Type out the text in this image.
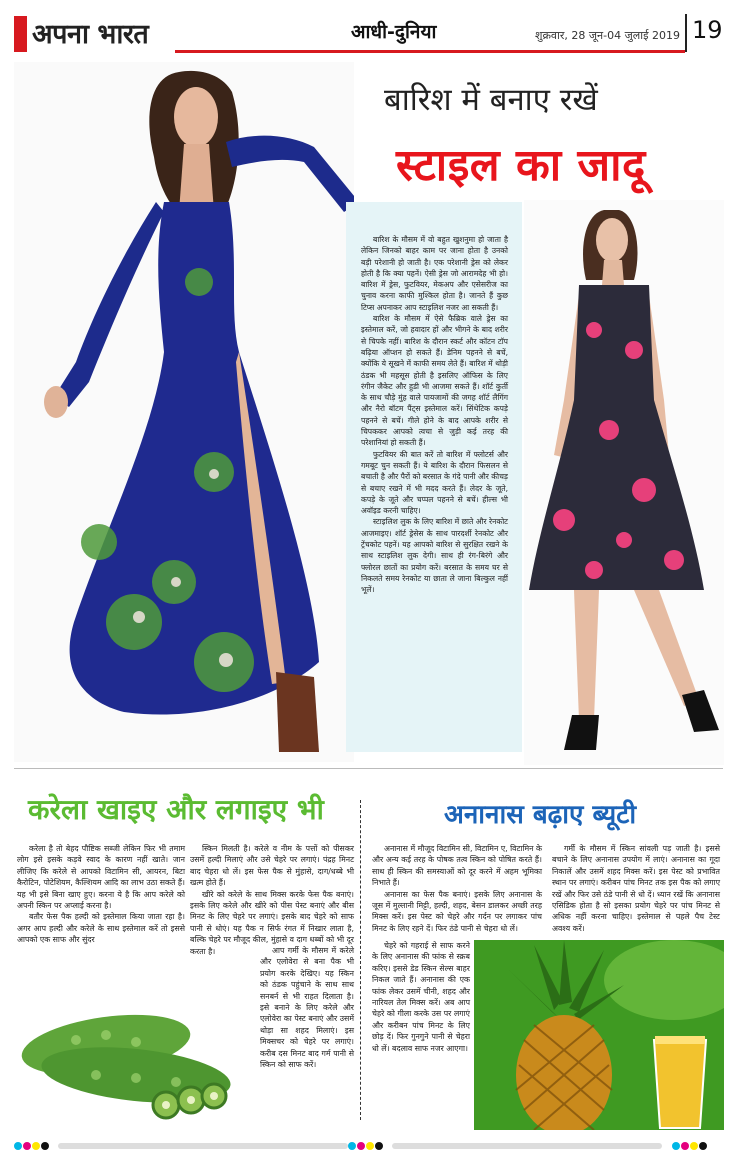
अपना भारत	आधी-दुनिया	शुक्रवार, 28 जून-04 जुलाई 2019 19
बारिश में बनाए रखें
स्टाइल का जादू

बारिश के मौसम में वो बहुत खुशनुमा हो जाता है लेकिन जिनको बाहर काम पर जाना होता है उनको बड़ी परेशानी हो जाती है। एक परेशानी ड्रेस को लेकर होती है कि क्या पहनें। ऐसी ड्रेस जो आरामदेह भी हो। बारिश में ड्रेस, फुटवियर, मेकअप और एसेसरीज का चुनाव करना काफी मुश्किल होता है। जानते हैं कुछ टिप्स अपनाकर आप स्टाइलिश नजर आ सकती हैं।

बारिश के मौसम में ऐसे फैब्रिक वाले ड्रेस का इस्तेमाल करें, जो हवादार हों और भीगने के बाद शरीर से चिपके नहीं। बारिश के दौरान स्कर्ट और कॉटन टॉप बढ़िया ऑप्शन हो सकते हैं। डेनिम पहनने से बचें, क्योंकि ये सूखने में काफी समय लेते हैं। बारिश में थोड़ी ठंडक भी महसूस होती है इसलिए ऑफिस के लिए रंगीन जैकेट और हुडी भी आजमा सकते हैं। शॉर्ट कुर्ती के साथ चौड़े मुंह वाले पायजामों की जगह शॉर्ट लैगिंग और नैरो बॉटम पैंट्स इस्तेमाल करें। सिंथेटिक कपड़े पहनने से बचें। गीले होने के बाद आपके शरीर से चिपककर आपको त्वचा से जुड़ी कई तरह की परेशानियां हो सकती हैं।

फुटवियर की बात करें तो बारिश में फ्लोटर्स और गमबूट चुन सकती हैं। ये बारिश के दौरान फिसलन से बचाती है और पैरों को बरसात के गंदे पानी और कीचड़ से बचाए रखने में भी मदद करते हैं। लेदर के जूते, कपड़े के जूते और चप्पल पहनने से बचें। हील्स भी अवॉइड करनी चाहिए।

स्टाइलिश लुक के लिए बारिश में छाते और रेनकोट आजमाइए। शॉर्ट ड्रेसेस के साथ पारदर्शी रेनकोट और ट्रेंचकोट पहनें। यह आपको बारिश से सुरक्षित रखने के साथ स्टाइलिश लुक देगी। साथ ही रंग-बिरंगे और फ्लोरल छातों का प्रयोग करें। बरसात के समय घर से निकलते समय रेनकोट या छाता ले जाना बिल्कुल नहीं भूलें।

करेला खाइए और लगाइए भी

करेला है तो बेहद पौष्टिक सब्जी लेकिन फिर भी तमाम लोग इसे इसके कड़वे स्वाद के कारण नहीं खाते। जान लीजिए कि करेले से आपको विटामिन सी, आयरन, बिटा कैरोटिन, पोटेशियम, कैल्शियम आदि का लाभ उठा सकते हैं। यह भी इसे बिना खाए हुए। करना ये है कि आप करेले को अपनी स्किन पर अप्लाई करना है।

बतौर फेस पैक हल्दी को इस्तेमाल किया जाता रहा है। अगर आप हल्दी और करेले के साथ इस्तेमाल करें तो इससे आपको एक साफ और सुंदर

स्किन मिलती है। करेले व नीम के पत्तों को पीसकर उसमें हल्दी मिलाएं और उसे चेहरे पर लगाएं। पंद्रह मिनट बाद चेहरा धो लें। इस फेस पैक से मुंहासे, दाग/धब्बे भी खत्म होते हैं।

खीरे को करेले के साथ मिक्स करके फेस पैक बनाएं। इसके लिए करेले और खीरे को पीस पेस्ट बनाएं और बीस मिनट के लिए चेहरे पर लगाएं। इसके बाद चेहरे को साफ पानी से धोएं। यह पैक न सिर्फ रंगत में निखार लाता है, बल्कि चेहरे पर मौजूद कील, मुंहासे व दाग धब्बों को भी दूर करता है।	आप गर्मी के मौसम में करेले और एलोवेरा से बना पैक भी प्रयोग करके देखिए। यह स्किन को ठंडक पहुंचाने के साथ साथ सनबर्न से भी राहत दिलाता है। इसे बनाने के लिए करेले और एलोवेरा का पेस्ट बनाएं और उसमें थोड़ा सा शहद मिलाएं। इस मिक्सचर को चेहरे पर लगाएं। करीब दस मिनट बाद गर्म पानी से स्किन को साफ करें।

अनानास बढ़ाए ब्यूटी

अनानास में मौजूद विटामिन सी, विटामिन ए, विटामिन के और अन्य कई तरह के पोषक तत्व स्किन को पोषित करते हैं। साथ ही स्किन की समस्याओं को दूर करने में अहम भूमिका निभाते हैं।

अनानास का फेस पैक बनाएं। इसके लिए अनानास के जूस में मुल्तानी मिट्टी, हल्दी, शहद, बेसन डालकर अच्छी तरह मिक्स करें। इस पेस्ट को चेहरे और गर्दन पर लगाकर पांच मिनट के लिए रहने दें। फिर ठंडे पानी से चेहरा धो लें।

चेहरे को गहराई से साफ करने के लिए अनानास की फांक से स्क्रब करिए। इससे डेड स्किन सेल्स बाहर निकल जाते हैं। अनानास की एक फांक लेकर उसमें चीनी, शहद और नारियल तेल मिक्स करें। अब आप चेहरे को गीला करके उस पर लगाएं और करीबन पांच मिनट के लिए छोड़ दें। फिर गुनगुने पानी से चेहरा धो लें। बदलाव साफ नजर आएगा।

गर्मी के मौसम में स्किन सांवली पड़ जाती है। इससे बचाने के लिए अनानास उपयोग में लाएं। अनानास का गूदा निकालें और उसमें शहद मिक्स करें। इस पेस्ट को प्रभावित स्थान पर लगाएं। करीबन पांच मिनट तक इस पैक को लगाए रखें और फिर उसे ठंडे पानी से धो दें। ध्यान रखें कि अनानास एसिडिक होता है सो इसका प्रयोग चेहरे पर पांच मिनट से अधिक नहीं करना चाहिए। इस्तेमाल से पहले पैच टेस्ट अवश्य करें।
